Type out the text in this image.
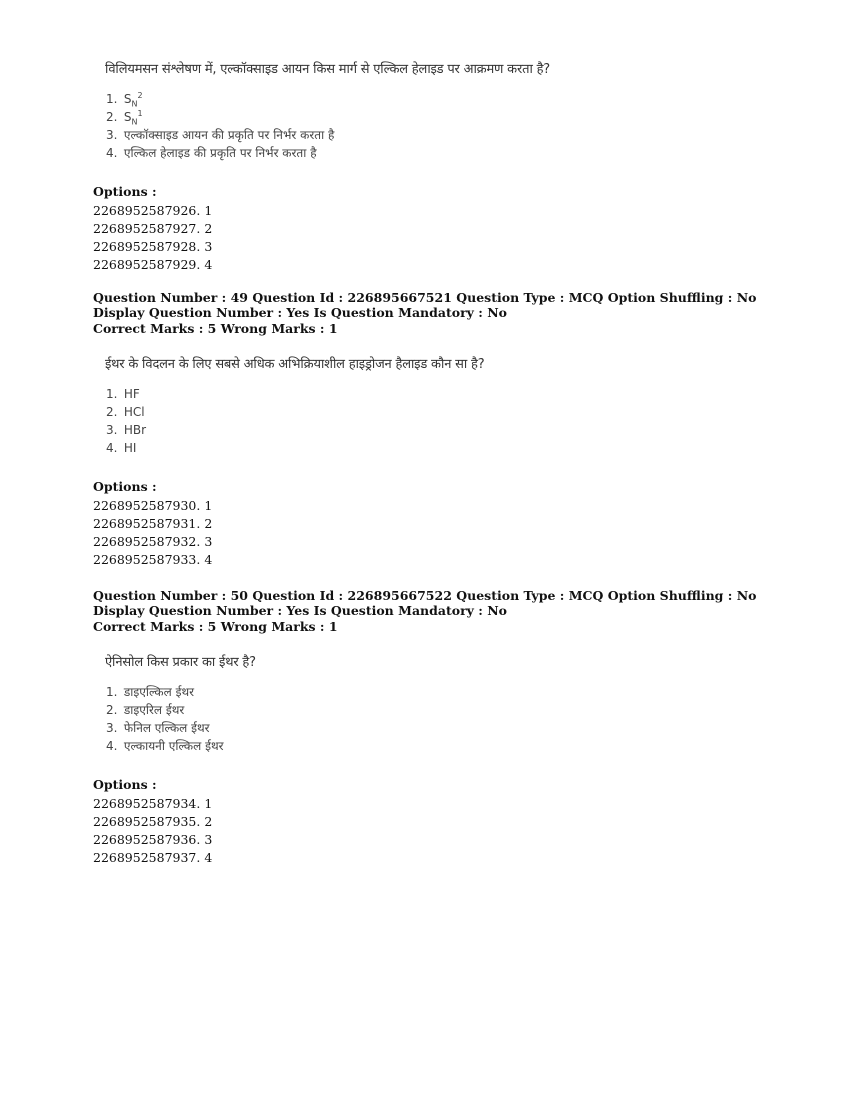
विलियमसन संश्लेषण में, एल्कॉक्साइड आयन किस मार्ग से एल्किल हेलाइड पर आक्रमण करता है?
1. $S_N^2$
2. $S_N^1$
3. एल्कॉक्साइड आयन की प्रकृति पर निर्भर करता है
4. एल्किल हेलाइड की प्रकृति पर निर्भर करता है
Options :
2268952587926. 1
2268952587927. 2
2268952587928. 3
2268952587929. 4
Question Number : 49 Question Id : 226895667521 Question Type : MCQ Option Shuffling : No Display Question Number : Yes Is Question Mandatory : No
Correct Marks : 5 Wrong Marks : 1
ईथर के विदलन के लिए सबसे अधिक अभिक्रियाशील हाइड्रोजन हैलाइड कौन सा है?
1. HF
2. HCl
3. HBr
4. HI
Options :
2268952587930. 1
2268952587931. 2
2268952587932. 3
2268952587933. 4
Question Number : 50 Question Id : 226895667522 Question Type : MCQ Option Shuffling : No Display Question Number : Yes Is Question Mandatory : No
Correct Marks : 5 Wrong Marks : 1
ऐनिसोल किस प्रकार का ईथर है?
1. डाइएल्किल ईथर
2. डाइएरिल ईथर
3. फेनिल एल्किल ईथर
4. एल्कायनी एल्किल ईथर
Options :
2268952587934. 1
2268952587935. 2
2268952587936. 3
2268952587937. 4
